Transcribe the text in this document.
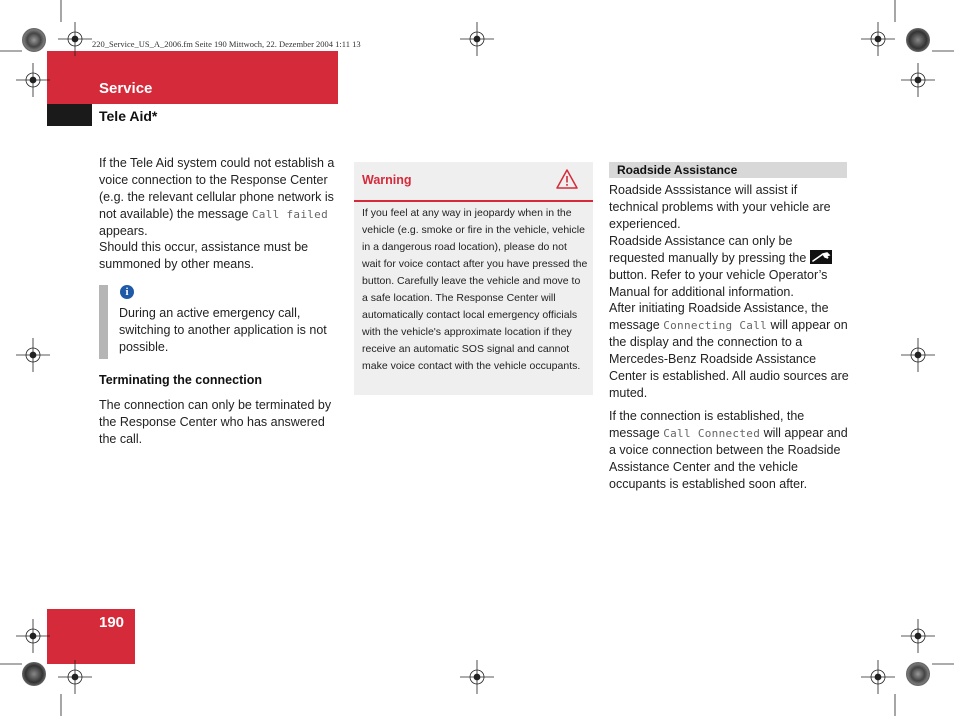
220_Service_US_A_2006.fm Seite 190 Mittwoch, 22. Dezember 2004 1:11 13
Service
Tele Aid*
If the Tele Aid system could not establish a voice connection to the Response Center (e.g. the relevant cellular phone network is not available) the message Call failed appears.
Should this occur, assistance must be summoned by other means.
i
During an active emergency call, switching to another application is not possible.
Terminating the connection
The connection can only be terminated by the Response Center who has answered the call.
Warning
If you feel at any way in jeopardy when in the vehicle (e.g. smoke or fire in the vehicle, vehicle in a dangerous road location), please do not wait for voice contact after you have pressed the button. Carefully leave the vehicle and move to a safe location. The Response Center will automatically contact local emergency officials with the vehicle's approximate location if they receive an automatic SOS signal and cannot make voice contact with the vehicle occupants.
Roadside Assistance
Roadside Asssistance will assist if technical problems with your vehicle are experienced.
Roadside Assistance can only be requested manually by pressing the
button. Refer to your vehicle Operator’s Manual for additional information.
After initiating Roadside Assistance, the message Connecting Call will appear on the display and the connection to a Mercedes-Benz Roadside Assistance Center is established. All audio sources are muted.
If the connection is established, the message Call Connected will appear and a voice connection between the Roadside Assistance Center and the vehicle occupants is established soon after.
190
